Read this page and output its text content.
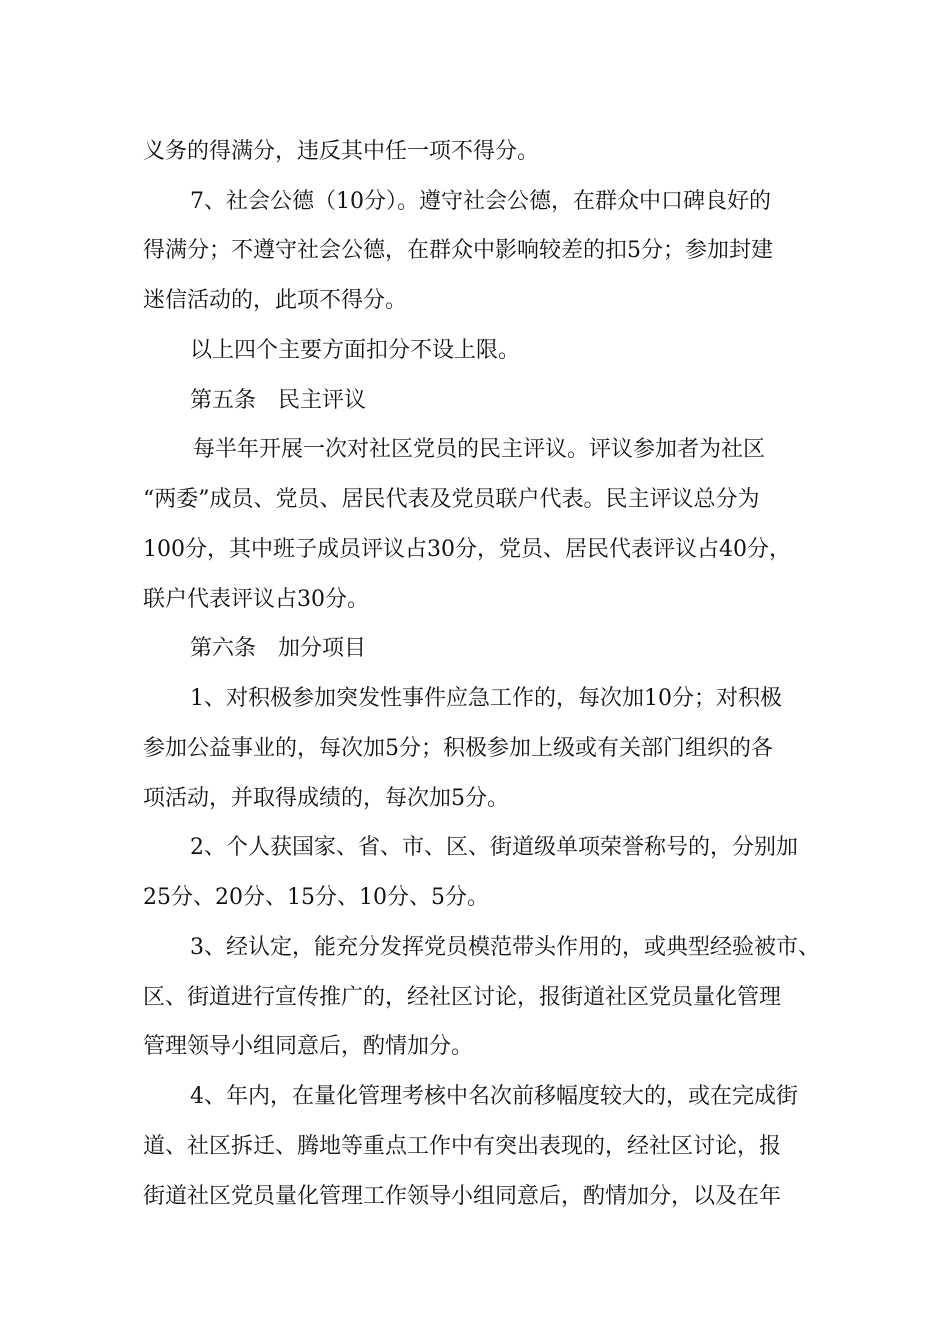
义务的得满分，违反其中任一项不得分。
7、社会公德（10分）。遵守社会公德，在群众中口碑良好的
得满分；不遵守社会公德，在群众中影响较差的扣5分；参加封建
迷信活动的，此项不得分。
以上四个主要方面扣分不设上限。
第五条　民主评议
每半年开展一次对社区党员的民主评议。评议参加者为社区
“两委”成员、党员、居民代表及党员联户代表。民主评议总分为
100分，其中班子成员评议占30分，党员、居民代表评议占40分，
联户代表评议占30分。
第六条　加分项目
1、对积极参加突发性事件应急工作的，每次加10分；对积极
参加公益事业的，每次加5分；积极参加上级或有关部门组织的各
项活动，并取得成绩的，每次加5分。
2、个人获国家、省、市、区、街道级单项荣誉称号的，分别加
25分、20分、15分、10分、5分。
3、经认定，能充分发挥党员模范带头作用的，或典型经验被市、
区、街道进行宣传推广的，经社区讨论，报街道社区党员量化管理
管理领导小组同意后，酌情加分。
4、年内，在量化管理考核中名次前移幅度较大的，或在完成街
道、社区拆迁、腾地等重点工作中有突出表现的，经社区讨论，报
街道社区党员量化管理工作领导小组同意后，酌情加分，以及在年
